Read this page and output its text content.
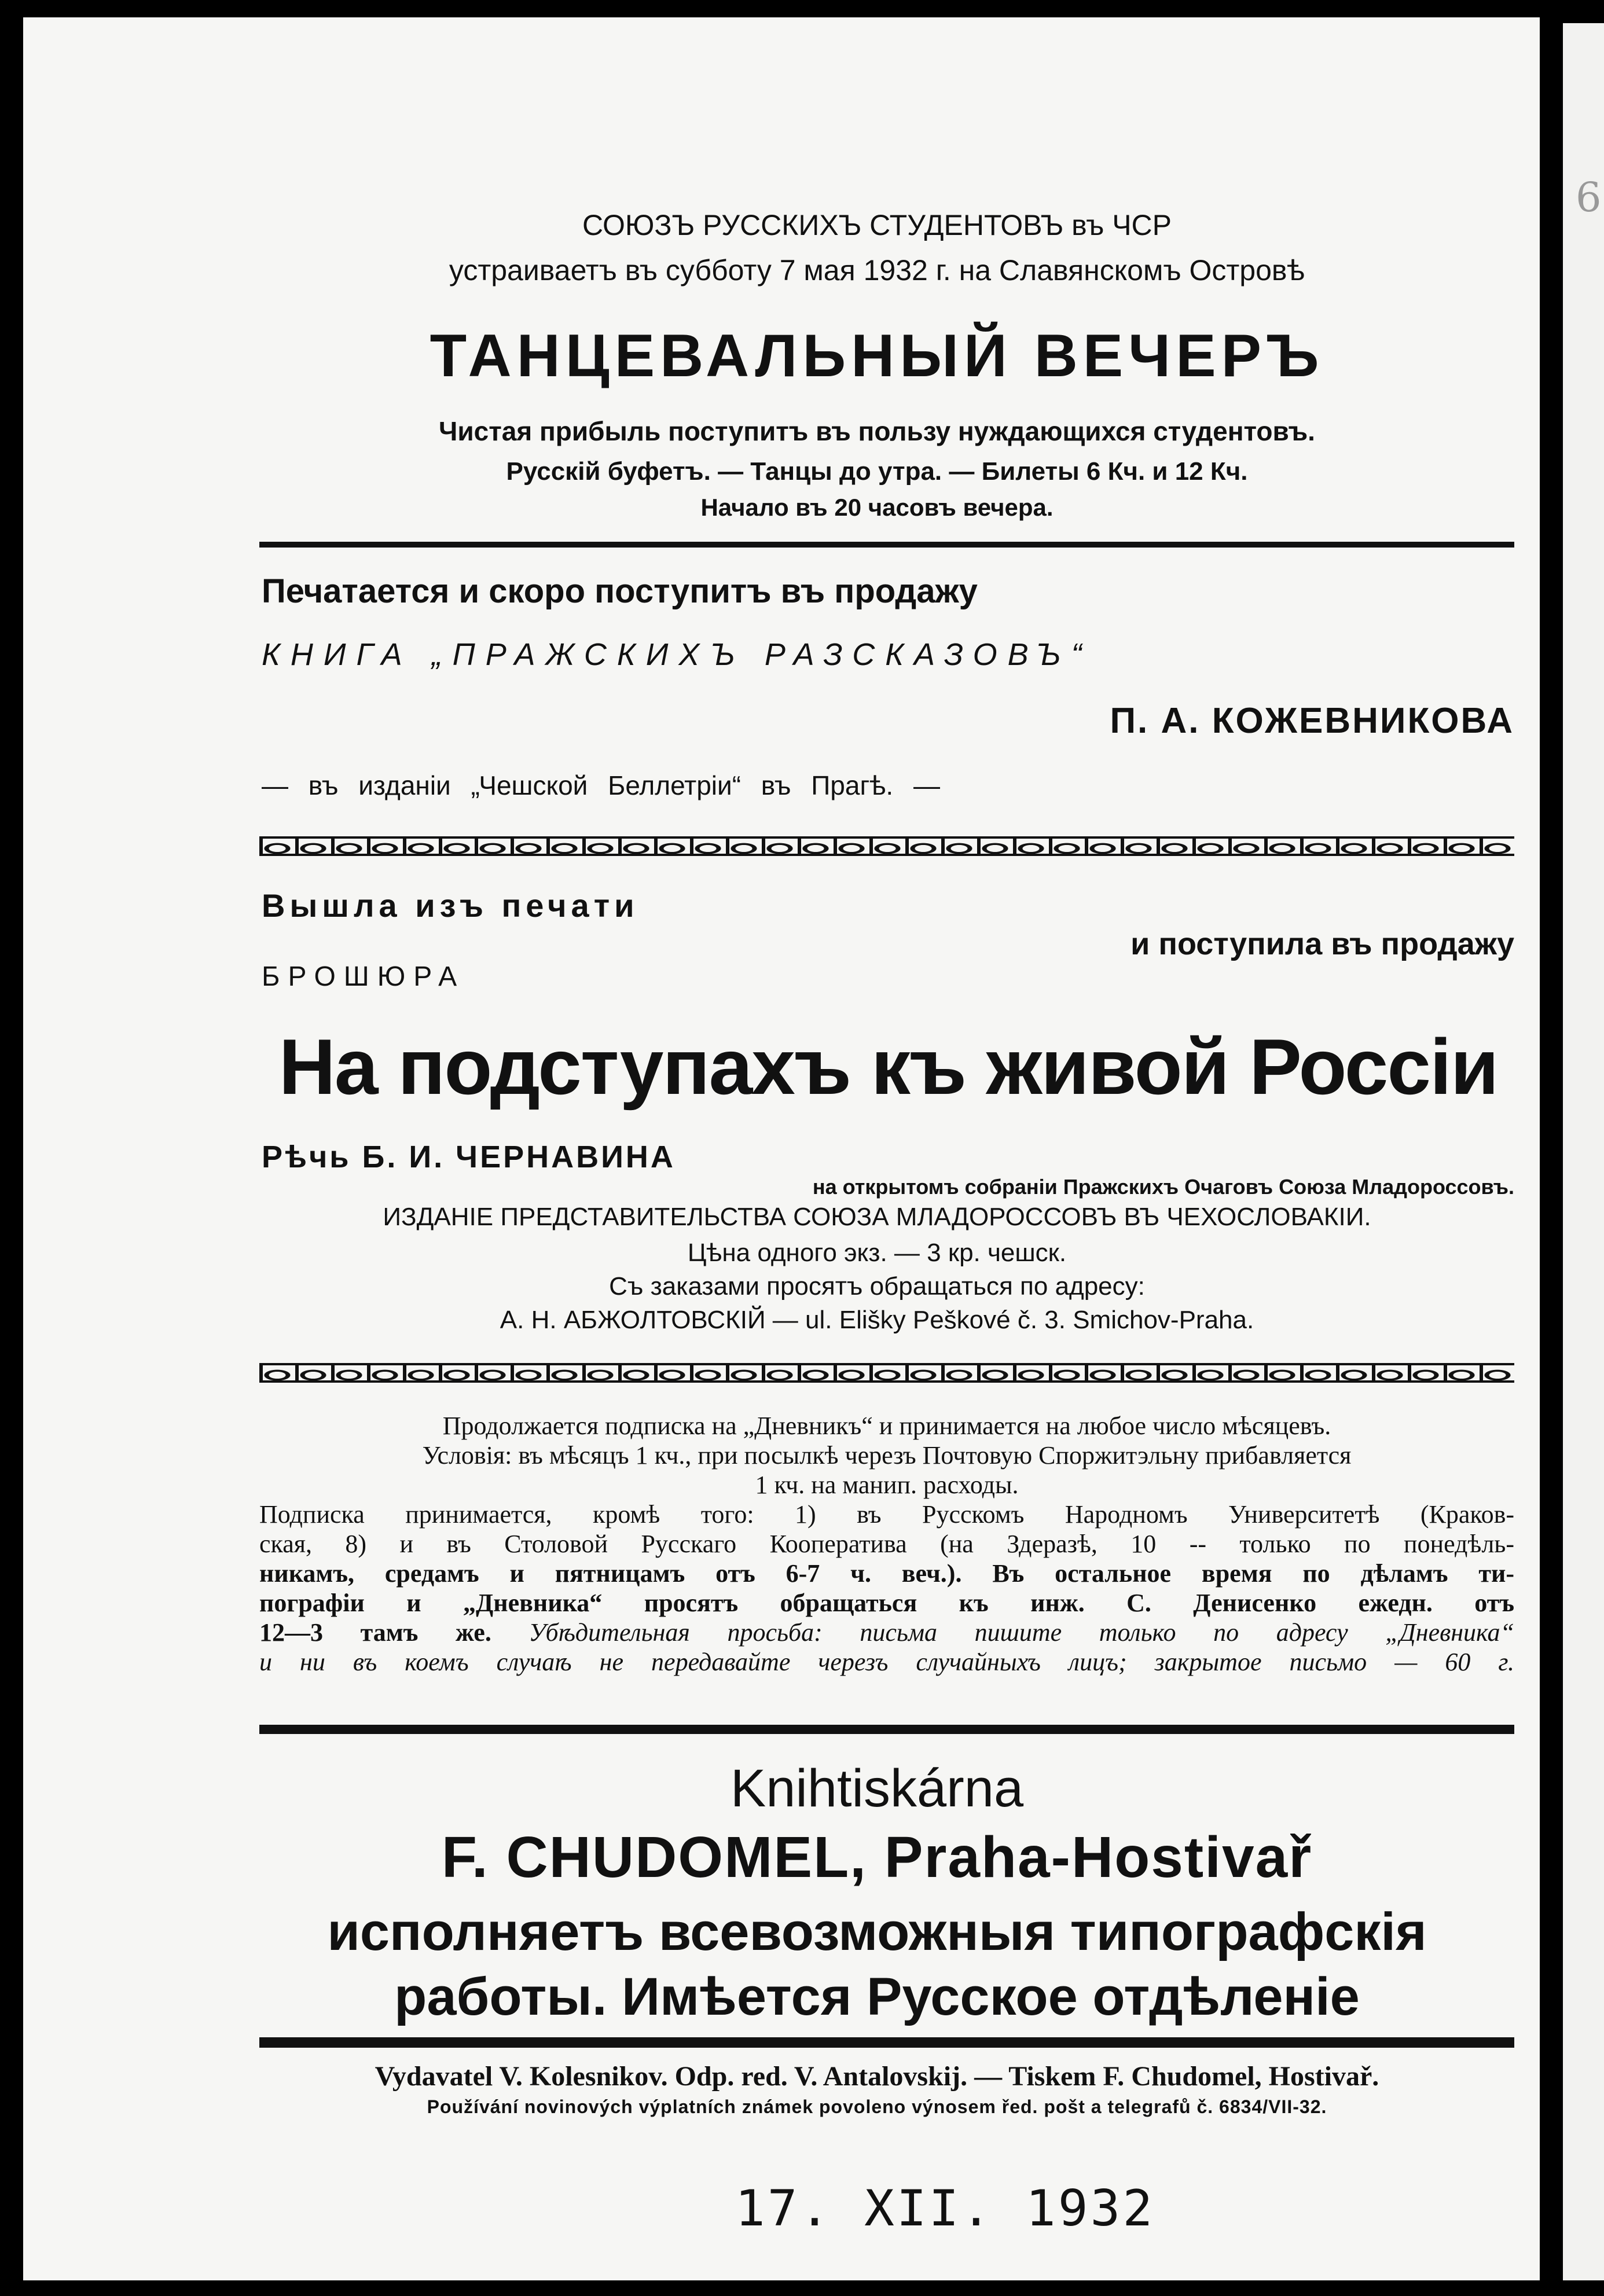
6
СОЮЗЪ РУССКИХЪ СТУДЕНТОВЪ въ ЧСР
устраиваетъ въ субботу 7 мая 1932 г. на Славянскомъ Островѣ
ТАНЦЕВАЛЬНЫЙ ВЕЧЕРЪ
Чистая прибыль поступитъ въ пользу нуждающихся студентовъ.
Русскій буфетъ. — Танцы до утра. — Билеты 6 Кч. и 12 Кч.
Начало въ 20 часовъ вечера.
Печатается и скоро поступитъ въ продажу
КНИГА „ПРАЖСКИХЪ РАЗСКАЗОВЪ“
П. А. КОЖЕВНИКОВА
— въ изданіи „Чешской Беллетріи“ въ Прагѣ. —
Вышла изъ печати
и поступила въ продажу
БРОШЮРА
На подступахъ къ живой Россіи
Рѣчь Б. И. ЧЕРНАВИНА
на открытомъ собраніи Пражскихъ Очаговъ Союза Младороссовъ.
ИЗДАНІЕ ПРЕДСТАВИТЕЛЬСТВА СОЮЗА МЛАДОРОССОВЪ ВЪ ЧЕХОСЛОВАКІИ.
Цѣна одного экз. — 3 кр. чешск.
Съ заказами просятъ обращаться по адресу:
А. Н. АБЖОЛТОВСКІЙ — ul. Elišky Peškové č. 3. Smichov-Praha.
Продолжается подписка на „Дневникъ“ и принимается на любое число мѣсяцевъ.
Условія: въ мѣсяцъ 1 кч., при посылкѣ черезъ Почтовую Споржитэльну прибавляется
1 кч. на манип. расходы.
Подписка принимается, кромѣ того: 1) въ Русскомъ Народномъ Университетѣ (Краков-
ская, 8) и въ Столовой Русскаго Кооператива (на Здеразѣ, 10 -- только по понедѣль-
никамъ, средамъ и пятницамъ отъ 6-7 ч. веч.). Въ остальное время по дѣламъ ти-
пографіи и „Дневника“ просятъ обращаться къ инж. С. Денисенко ежедн. отъ
12—3 тамъ же. Убѣдительная просьба: письма пишите только по адресу „Дневника“
и ни въ коемъ случаѣ не передавайте черезъ случайныхъ лицъ; закрытое письмо — 60 г.
Knihtiskárna
F. CHUDOMEL, Praha-Hostivař
исполняетъ всевозможныя типографскія
работы. Имѣется Русское отдѣленіе
Vydavatel V. Kolesnikov. Odp. red. V. Antalovskij. — Tiskem F. Chudomel, Hostivař.
Používání novinových výplatních známek povoleno výnosem řed. pošt a telegrafů č. 6834/VII-32.
17. XII. 1932
